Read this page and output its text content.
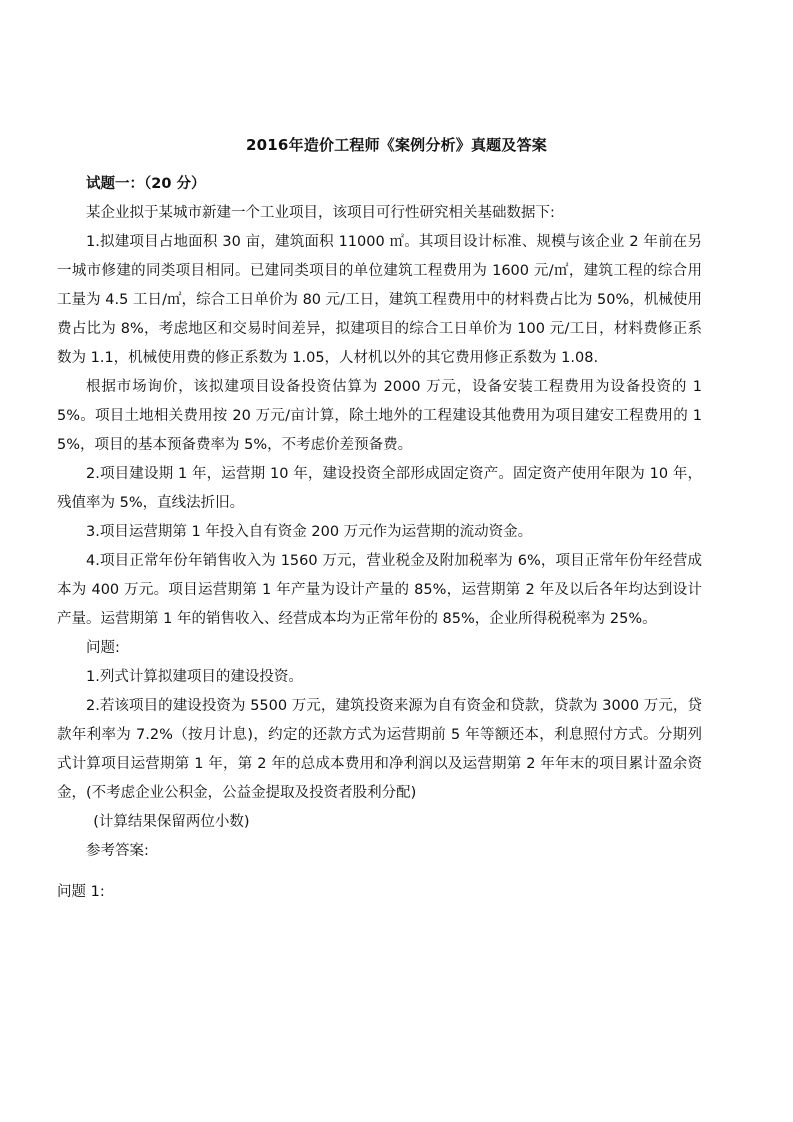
2016年造价工程师《案例分析》真题及答案

试题一：（20 分）

某企业拟于某城市新建一个工业项目，该项目可行性研究相关基础数据下:

1.拟建项目占地面积 30 亩，建筑面积 11000 ㎡。其项目设计标准、规模与该企业 2 年前在另一城市修建的同类项目相同。已建同类项目的单位建筑工程费用为 1600 元/㎡，建筑工程的综合用工量为 4.5 工日/㎡，综合工日单价为 80 元/工日，建筑工程费用中的材料费占比为 50%，机械使用费占比为 8%，考虑地区和交易时间差异，拟建项目的综合工日单价为 100 元/工日，材料费修正系数为 1.1，机械使用费的修正系数为 1.05，人材机以外的其它费用修正系数为 1.08.

根据市场询价，该拟建项目设备投资估算为 2000 万元，设备安装工程费用为设备投资的 15%。项目土地相关费用按 20 万元/亩计算，除土地外的工程建设其他费用为项目建安工程费用的 15%，项目的基本预备费率为 5%，不考虑价差预备费。

2.项目建设期 1 年，运营期 10 年，建设投资全部形成固定资产。固定资产使用年限为 10 年，残值率为 5%，直线法折旧。

3.项目运营期第 1 年投入自有资金 200 万元作为运营期的流动资金。

4.项目正常年份年销售收入为 1560 万元，营业税金及附加税率为 6%，项目正常年份年经营成本为 400 万元。项目运营期第 1 年产量为设计产量的 85%，运营期第 2 年及以后各年均达到设计产量。运营期第 1 年的销售收入、经营成本均为正常年份的 85%，企业所得税税率为 25%。

问题:

1.列式计算拟建项目的建设投资。

2.若该项目的建设投资为 5500 万元，建筑投资来源为自有资金和贷款，贷款为 3000 万元，贷款年利率为 7.2%（按月计息)，约定的还款方式为运营期前 5 年等额还本，利息照付方式。分期列式计算项目运营期第 1 年，第 2 年的总成本费用和净利润以及运营期第 2 年年末的项目累计盈余资金，(不考虑企业公积金，公益金提取及投资者股利分配)

(计算结果保留两位小数)

参考答案:

问题 1:
